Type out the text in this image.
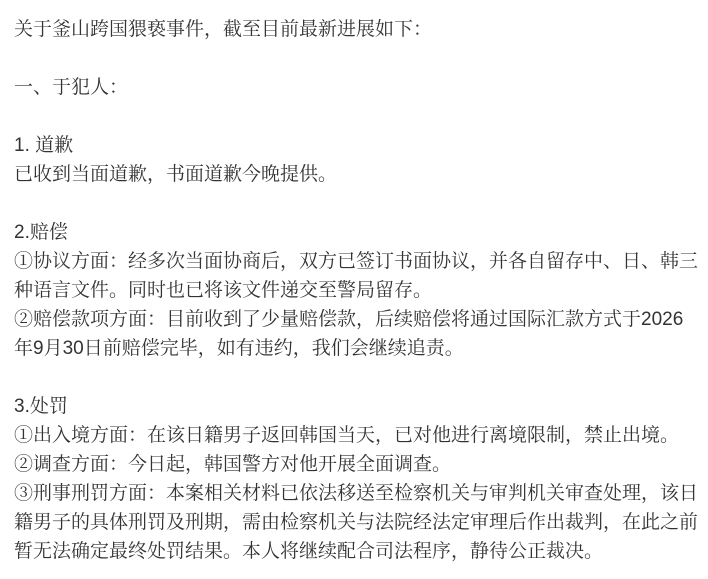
关于釜山跨国猥亵事件，截至目前最新进展如下：

一、于犯人：

1. 道歉
已收到当面道歉，书面道歉今晚提供。

2.赔偿
①协议方面：经多次当面协商后，双方已签订书面协议，并各自留存中、日、韩三
种语言文件。同时也已将该文件递交至警局留存。
②赔偿款项方面：目前收到了少量赔偿款，后续赔偿将通过国际汇款方式于2026
年9月30日前赔偿完毕，如有违约，我们会继续追责。

3.处罚
①出入境方面：在该日籍男子返回韩国当天，已对他进行离境限制，禁止出境。
②调查方面：今日起，韩国警方对他开展全面调查。
③刑事刑罚方面：本案相关材料已依法移送至检察机关与审判机关审查处理，该日
籍男子的具体刑罚及刑期，需由检察机关与法院经法定审理后作出裁判，在此之前
暂无法确定最终处罚结果。本人将继续配合司法程序，静待公正裁决。
